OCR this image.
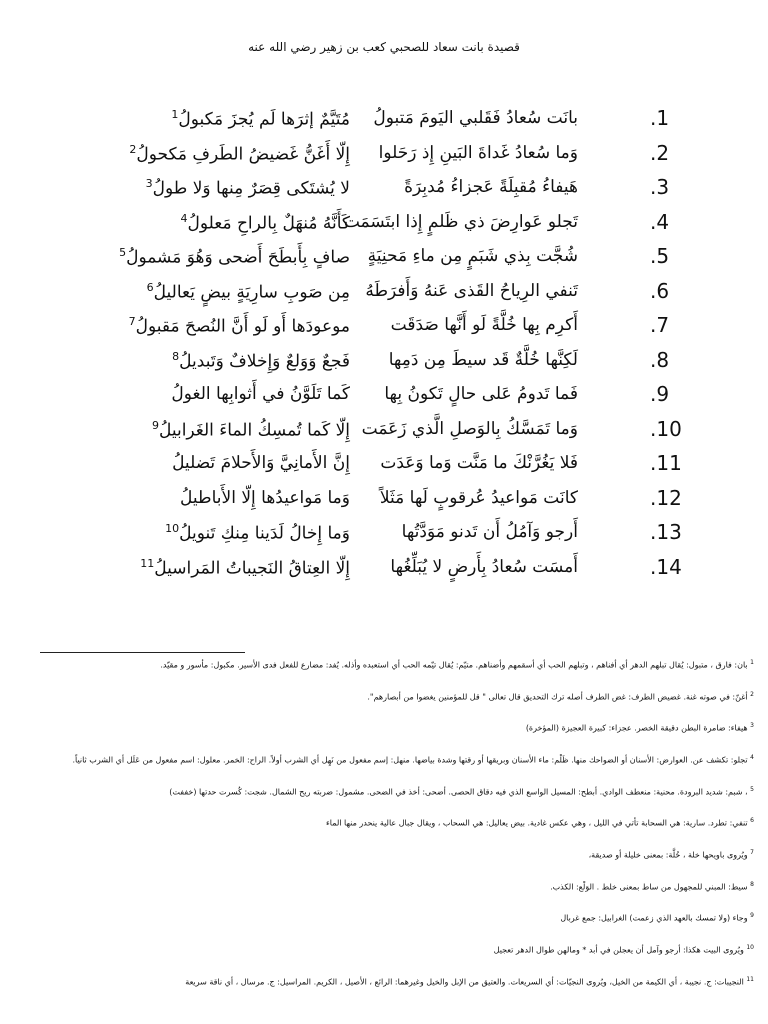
قصيدة بانت سعاد للصحبي كعب بن زهير رضي الله عنه
.1
بانَت سُعادُ فَقَلبي اليَومَ مَتبولُ
مُتَيَّمٌ إثرَها لَم يُجزَ مَكبولُ$^1$
.2
وَما سُعادُ غَداةَ البَينِ إِذ رَحَلوا
إِلّا أَغَنُّ غَضيضُ الطَرفِ مَكحولُ$^2$
.3
هَيفاءُ مُقبِلَةً عَجزاءُ مُدبِرَةً
لا يُشتَكى قِصَرٌ مِنها وَلا طولُ$^3$
.4
تَجلو عَوارِضَ ذي ظَلمٍ إِذا ابتَسَمَت
كَأَنَّهُ مُنهَلٌ بِالراحِ مَعلولُ$^4$
.5
شُجَّت بِذي شَبَمٍ مِن ماءِ مَحنِيَةٍ
صافٍ بِأَبطَحَ أَضحى وَهُوَ مَشمولُ$^5$
.6
تَنفي الرِياحُ القَذى عَنهُ وَأَفرَطَهُ
مِن صَوبِ سارِيَةٍ بيضٍ يَعاليلُ$^6$
.7
أَكرِم بِها خُلَّةً لَو أَنَّها صَدَقَت
موعودَها أَو لَو أَنَّ النُصحَ مَقبولُ$^7$
.8
لَكِنَّها خُلَّةٌ قَد سيطَ مِن دَمِها
فَجعٌ وَوَلعٌ وَإِخلافٌ وَتَبديلُ$^8$
.9
فَما تَدومُ عَلى حالٍ تَكونُ بِها
كَما تَلَوَّنُ في أَثوابِها الغولُ
.10
وَما تَمَسَّكُ بِالوَصلِ الَّذي زَعَمَت
إِلّا كَما تُمسِكُ الماءَ الغَرابيلُ$^9$
.11
فَلا يَغُرَّنْكَ ما مَنَّت وَما وَعَدَت
إِنَّ الأَمانِيَّ وَالأَحلامَ تَضليلُ
.12
كانَت مَواعيدُ عُرقوبٍ لَها مَثَلاً
وَما مَواعيدُها إِلّا الأَباطيلُ
.13
أَرجو وَآمُلُ أَن تَدنو مَوَدَّتُها
وَما إِخالُ لَدَينا مِنكِ تَنويلُ$^{10}$
.14
أَمسَت سُعادُ بِأَرضٍ لا يُبَلِّغُها
إِلّا العِتاقُ النَجيباتُ المَراسيلُ$^{11}$
$^1$ بان: فارق ، متبول: يُقال تبلهم الدهر أي أفناهم ، وتبلهم الحب أي أسقمهم وأضناهم. متيّم: يُقال تيّمه الحب أي استعبده وأذله. يُفد: مضارع للفعل فدى الأسير. مكبول: مأسور و مقيّد.
$^2$ أغنّ: في صوته غنة. غضيض الطرف: غض الطرف أصله ترك التحديق قال تعالى " قل للمؤمنين يغضوا من أبصارهم".
$^3$ هيفاء: ضامرة البطن دقيقة الخصر. عجزاء: كبيرة العجيزة (المؤخرة)
$^4$ تجلو: تكشف عن. العوارض: الأسنان أو الضواحك منها. ظَلْم: ماء الأسنان وبريقها أو رقتها وشدة بياضها. منهل: إسم مفعول من نَهِل أي الشرب أولاً. الراح: الخمر. معلول: اسم مفعول من عَلَل أي الشرب ثانياً.
$^5$ ، شبم: شديد البرودة. محنية: منعطف الوادي. أبطح: المسيل الواسع الذي فيه دقاق الحصى. أضحى: أخذ في الضحى. مشمول: ضربته ريح الشمال. شجت: كُسرت حدتها (خففت)
$^6$ تنفي: تطرد. سارية: هي السحابة تأتي في الليل ، وهي عكس غادية. بيض يعاليل: هي السحاب ، ويقال جبال عالية ينحدر منها الماء
$^7$ ويُروى باويحها خلة ، خُلَّة: بمعنى خليلة أو صديقة،
$^8$ سيط: المبني للمجهول من ساط بمعنى خلط . الوَلْع: الكذب.
$^9$ وجاء (ولا تمسك بالعهد الذي زعمت) الغرابيل: جمع غربال
$^{10}$ ويُروى البيت هكذا: أرجو وآمل أن يعجلن في أبد * ومالهن طوال الدهر تعجيل
$^{11}$ النجيبات: ج. نجيبة ، أي الكيمة من الخيل، ويُروى النجيّات: أي السريعات. والعتيق من الإبل والخيل وغيرهما: الرائع ، الأصيل ، الكريم. المراسيل: ج. مرسال ، أي ناقة سريعة
